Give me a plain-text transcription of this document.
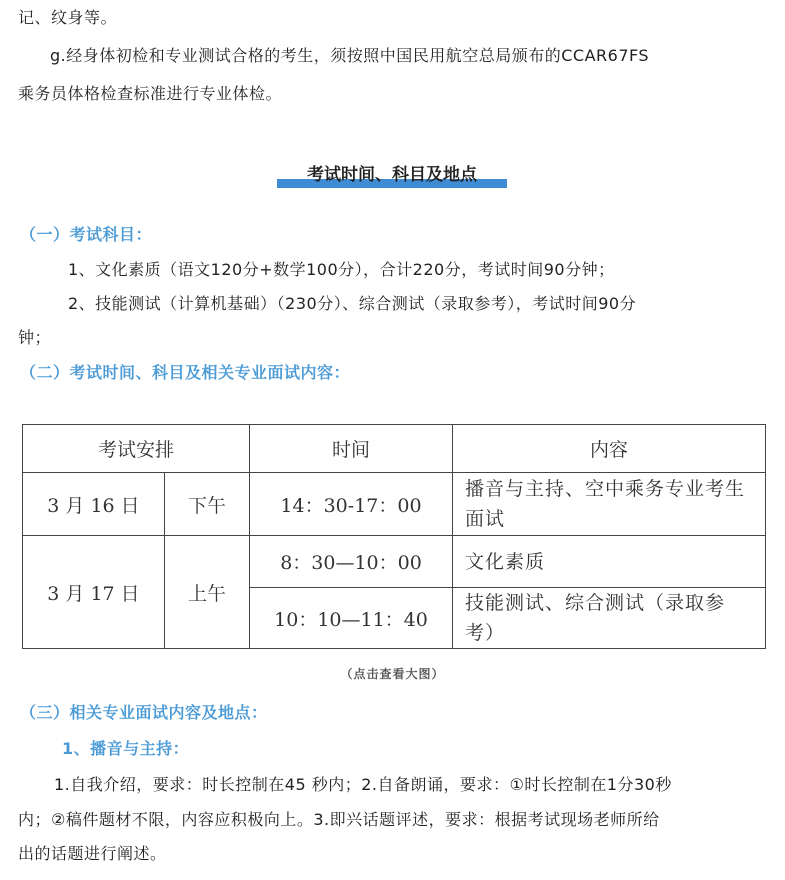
记、纹身等。
g.经身体初检和专业测试合格的考生，须按照中国民用航空总局颁布的CCAR67FS
乘务员体格检查标准进行专业体检。
考试时间、科目及地点
（一）考试科目：
1、文化素质（语文120分+数学100分），合计220分，考试时间90分钟；
2、技能测试（计算机基础）（230分）、综合测试（录取参考），考试时间90分
钟；
（二）考试时间、科目及相关专业面试内容：
考试安排		时间	内容
3 月 16 日	下午	14：30-17：00	播音与主持、空中乘务专业考生面试
3 月 17 日	上午	8：30—10：00	文化素质
		10：10—11：40	技能测试、综合测试（录取参考）
（点击查看大图）
（三）相关专业面试内容及地点：
1、播音与主持：
1.自我介绍，要求：时长控制在45 秒内；2.自备朗诵，要求：①时长控制在1分30秒
内；②稿件题材不限，内容应积极向上。3.即兴话题评述，要求：根据考试现场老师所给
出的话题进行阐述。
